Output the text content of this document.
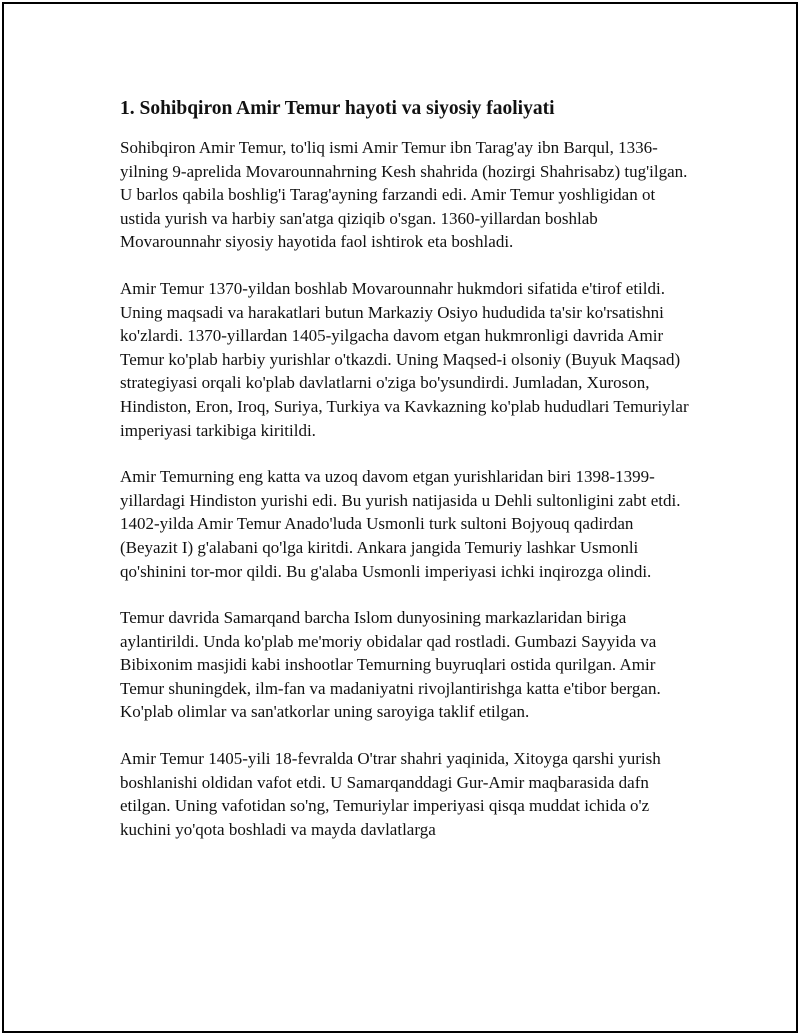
1. Sohibqiron Amir Temur hayoti va siyosiy faoliyati

Sohibqiron Amir Temur, to'liq ismi Amir Temur ibn Tarag'ay ibn Barqul, 1336-yilning 9-aprelida Movarounnahrning Kesh shahrida (hozirgi Shahrisabz) tug'ilgan. U barlos qabila boshlig'i Tarag'ayning farzandi edi. Amir Temur yoshligidan ot ustida yurish va harbiy san'atga qiziqib o'sgan. 1360-yillardan boshlab Movarounnahr siyosiy hayotida faol ishtirok eta boshladi.

Amir Temur 1370-yildan boshlab Movarounnahr hukmdori sifatida e'tirof etildi. Uning maqsadi va harakatlari butun Markaziy Osiyo hududida ta'sir ko'rsatishni ko'zlardi. 1370-yillardan 1405-yilgacha davom etgan hukmronligi davrida Amir Temur ko'plab harbiy yurishlar o'tkazdi. Uning Maqsed-i olsoniy (Buyuk Maqsad) strategiyasi orqali ko'plab davlatlarni o'ziga bo'ysundirdi. Jumladan, Xuroson, Hindiston, Eron, Iroq, Suriya, Turkiya va Kavkazning ko'plab hududlari Temuriylar imperiyasi tarkibiga kiritildi.

Amir Temurning eng katta va uzoq davom etgan yurishlaridan biri 1398-1399-yillardagi Hindiston yurishi edi. Bu yurish natijasida u Dehli sultonligini zabt etdi. 1402-yilda Amir Temur Anado'luda Usmonli turk sultoni Bojyouq qadirdan (Beyazit I) g'alabani qo'lga kiritdi. Ankara jangida Temuriy lashkar Usmonli qo'shinini tor-mor qildi. Bu g'alaba Usmonli imperiyasi ichki inqirozga olindi.

Temur davrida Samarqand barcha Islom dunyosining markazlaridan biriga aylantirildi. Unda ko'plab me'moriy obidalar qad rostladi. Gumbazi Sayyida va Bibixonim masjidi kabi inshootlar Temurning buyruqlari ostida qurilgan. Amir Temur shuningdek, ilm-fan va madaniyatni rivojlantirishga katta e'tibor bergan. Ko'plab olimlar va san'atkorlar uning saroyiga taklif etilgan.

Amir Temur 1405-yili 18-fevralda O'trar shahri yaqinida, Xitoyga qarshi yurish boshlanishi oldidan vafot etdi. U Samarqanddagi Gur-Amir maqbarasida dafn etilgan. Uning vafotidan so'ng, Temuriylar imperiyasi qisqa muddat ichida o'z kuchini yo'qota boshladi va mayda davlatlarga
